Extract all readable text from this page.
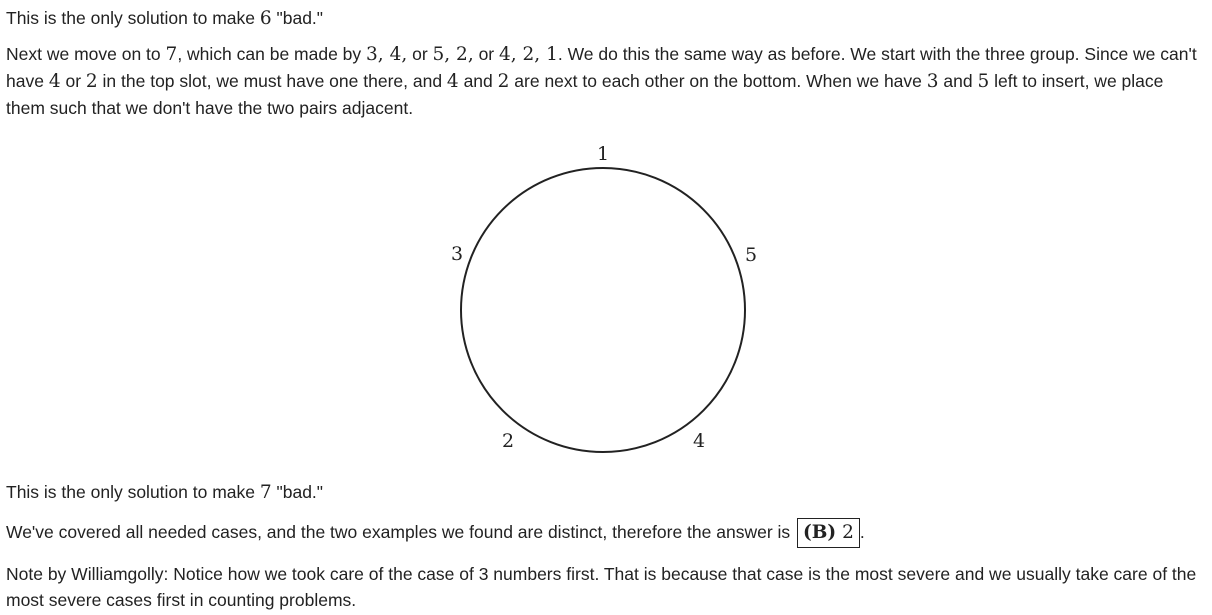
This is the only solution to make 6 "bad."

Next we move on to 7, which can be made by 3, 4, or 5, 2, or 4, 2, 1. We do this the same way as before. We start with the three group. Since we can't have 4 or 2 in the top slot, we must have one there, and 4 and 2 are next to each other on the bottom. When we have 3 and 5 left to insert, we place them such that we don't have the two pairs adjacent.

This is the only solution to make 7 "bad."

We've covered all needed cases, and the two examples we found are distinct, therefore the answer is (B) 2 .

Note by Williamgolly: Notice how we took care of the case of 3 numbers first. That is because that case is the most severe and we usually take care of the most severe cases first in counting problems.

1
3	5
2	4
